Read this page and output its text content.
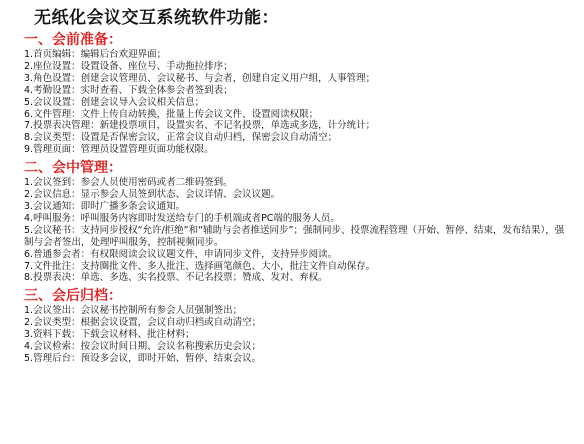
无纸化会议交互系统软件功能：
一、会前准备：
1.首页编辑：编辑后台欢迎界面；
2.座位设置：设置设备、座位号、手动拖拉排序；
3.角色设置：创建会议管理员、会议秘书、与会者，创建自定义用户组，人事管理；
4.考勤设置：实时查看、下载全体参会者签到表；
5.会议设置：创建会议导入会议相关信息；
6.文件管理：文件上传自动转换，批量上传会议文件、设置阅读权限；
7.投票表决管理：新建投票项目，设置实名、不记名投票，单选或多选，计分统计；
8.会议类型：设置是否保密会议，正常会议自动归档，保密会议自动清空；
9.管理页面：管理员设置管理页面功能权限。
二、会中管理：
1.会议签到：参会人员使用密码或者二维码签到。
2.会议信息：显示参会人员签到状态、会议详情、会议议题。
3.会议通知：即时广播多条会议通知。
4.呼叫服务：呼叫服务内容即时发送给专门的手机端或者PC端的服务人员。
5.会议秘书：支持同步授权“允许/拒绝”和“辅助与会者推送同步”；强制同步、投票流程管理（开始、暂停、结束，发布结果），强制与会者签出，处理呼叫服务，控制视频同步。
6.普通参会者：有权限阅读会议议题文件，申请同步文件，支持异步阅读。
7.文件批注：支持圈批文件、多人批注、选择画笔颜色、大小，批注文件自动保存。
8.投票表决：单选、多选、实名投票、不记名投票；赞成、发对、弃权。
三、会后归档：
1.会议签出：会议秘书控制所有参会人员强制签出；
2.会议类型：根据会议设置，会议自动归档或自动清空；
3.资料下载：下载会议材料、批注材料；
4.会议检索：按会议时间日期、会议名称搜索历史会议；
5.管理后台：预设多会议，即时开始、暂停、结束会议。
